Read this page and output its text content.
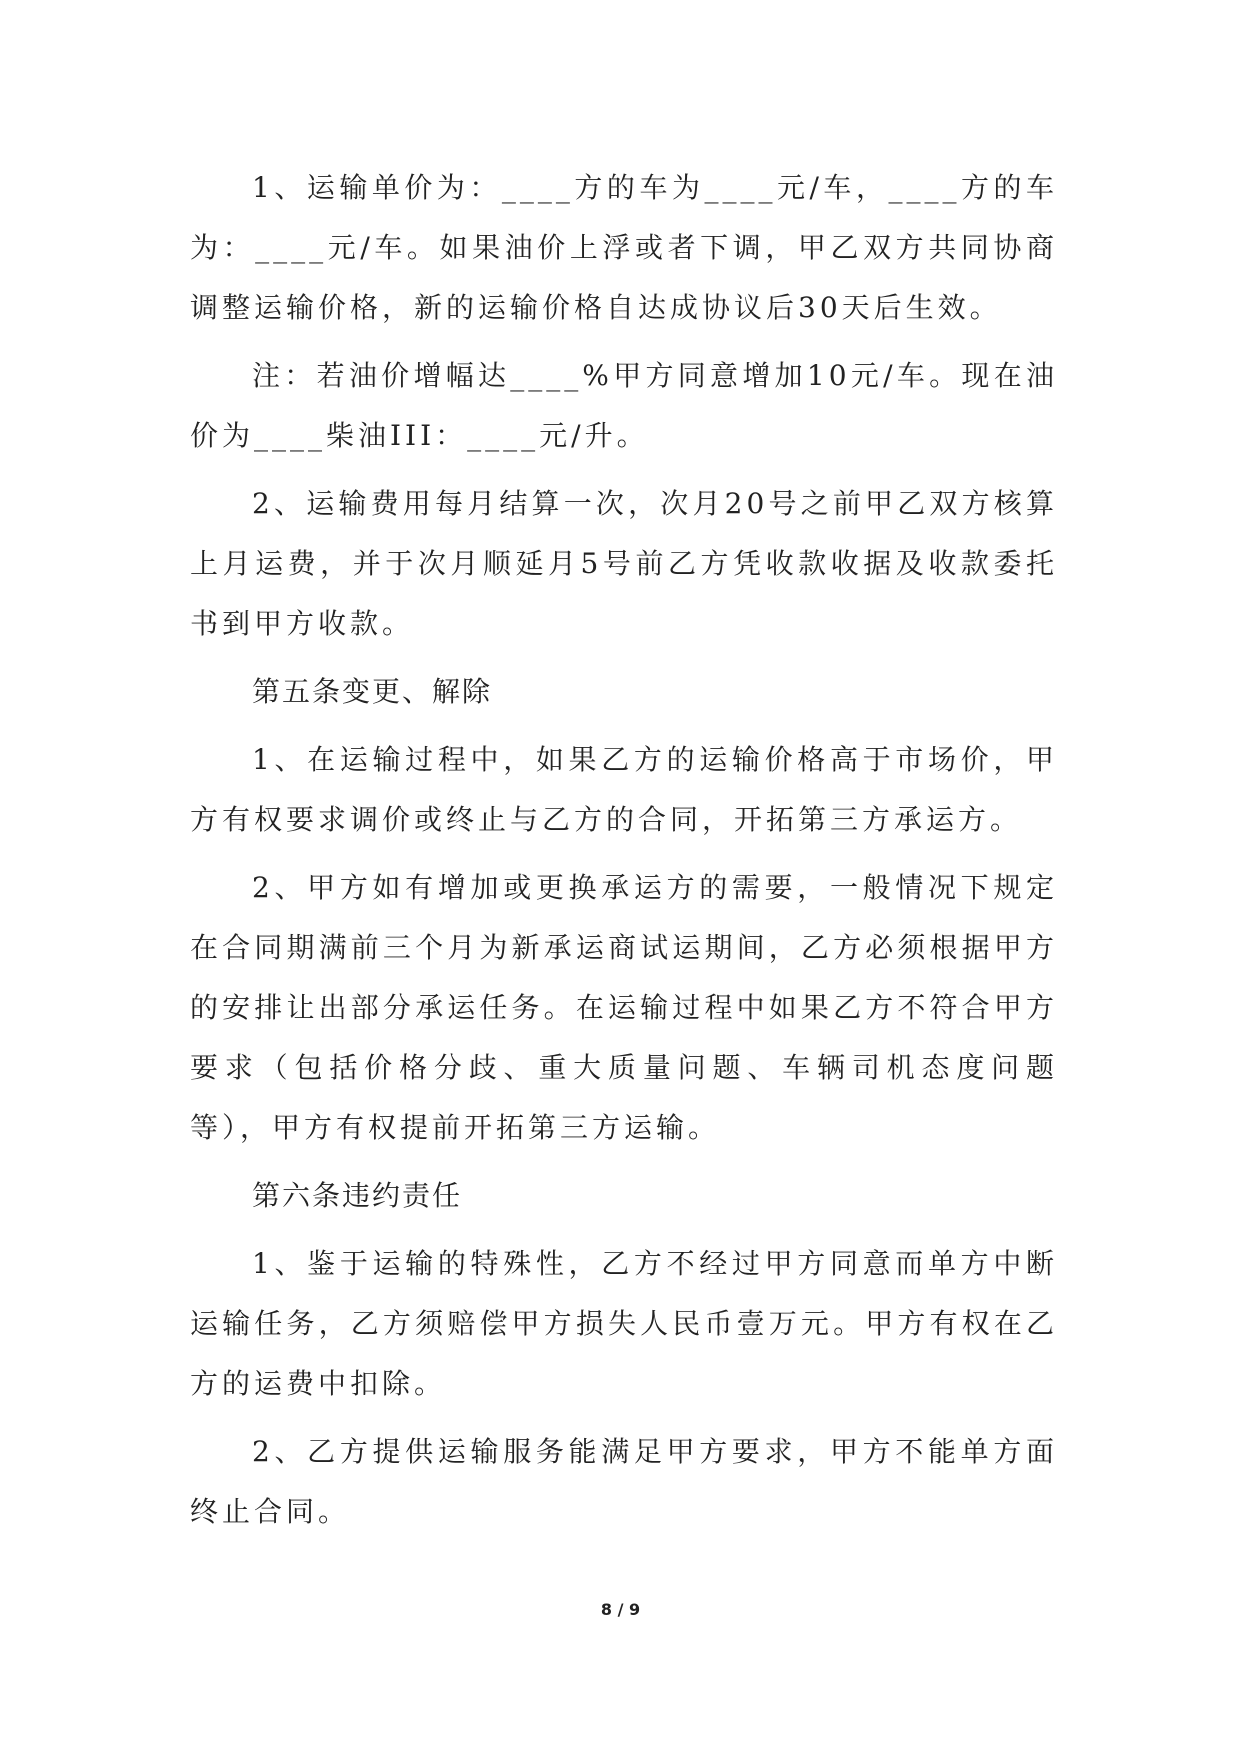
1、运输单价为：____方的车为____元/车，____方的车为：____元/车。如果油价上浮或者下调，甲乙双方共同协商调整运输价格，新的运输价格自达成协议后30天后生效。

注：若油价增幅达____%甲方同意增加10元/车。现在油价为____柴油III：____元/升。

2、运输费用每月结算一次，次月20号之前甲乙双方核算上月运费，并于次月顺延月5号前乙方凭收款收据及收款委托书到甲方收款。

第五条变更、解除

1、在运输过程中，如果乙方的运输价格高于市场价，甲方有权要求调价或终止与乙方的合同，开拓第三方承运方。

2、甲方如有增加或更换承运方的需要，一般情况下规定在合同期满前三个月为新承运商试运期间，乙方必须根据甲方的安排让出部分承运任务。在运输过程中如果乙方不符合甲方要求（包括价格分歧、重大质量问题、车辆司机态度问题等），甲方有权提前开拓第三方运输。

第六条违约责任

1、鉴于运输的特殊性，乙方不经过甲方同意而单方中断运输任务，乙方须赔偿甲方损失人民币壹万元。甲方有权在乙方的运费中扣除。

2、乙方提供运输服务能满足甲方要求，甲方不能单方面终止合同。

8 / 9
